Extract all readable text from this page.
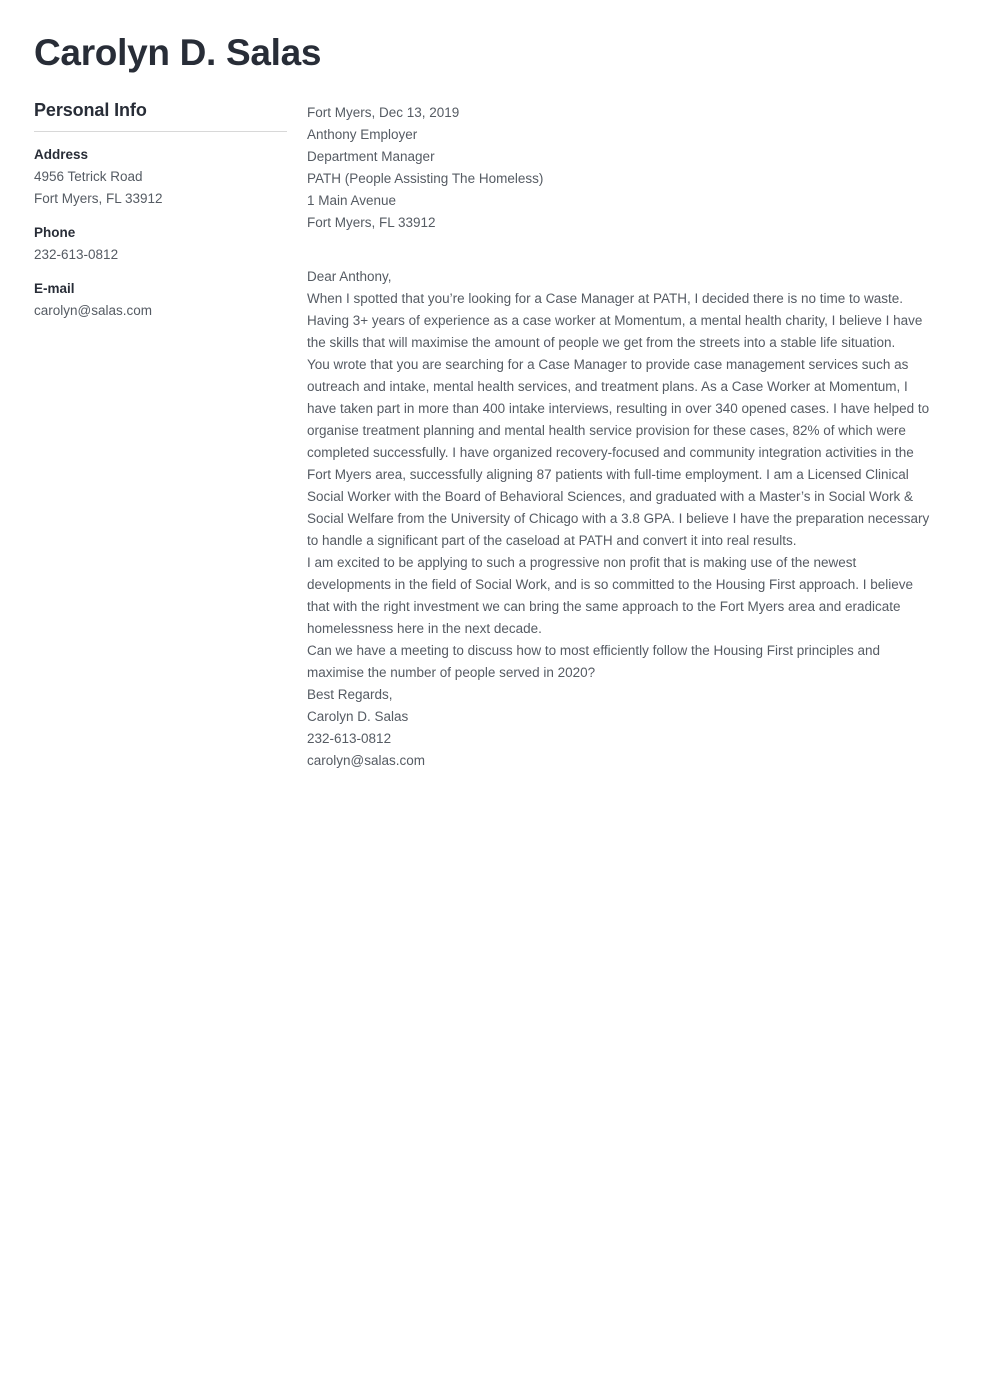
Carolyn D. Salas
Personal Info
Address
4956 Tetrick Road
Fort Myers, FL 33912
Phone
232-613-0812
E-mail
carolyn@salas.com

Fort Myers, Dec 13, 2019

Anthony Employer
Department Manager
PATH (People Assisting The Homeless)
1 Main Avenue
Fort Myers, FL 33912

Dear Anthony,

When I spotted that you’re looking for a Case Manager at PATH, I decided there is no time to waste. Having 3+ years of experience as a case worker at Momentum, a mental health charity, I believe I have the skills that will maximise the amount of people we get from the streets into a stable life situation.

You wrote that you are searching for a Case Manager to provide case management services such as outreach and intake, mental health services, and treatment plans. As a Case Worker at Momentum, I have taken part in more than 400 intake interviews, resulting in over 340 opened cases. I have helped to organise treatment planning and mental health service provision for these cases, 82% of which were completed successfully. I have organized recovery-focused and community integration activities in the Fort Myers area, successfully aligning 87 patients with full-time employment. I am a Licensed Clinical Social Worker with the Board of Behavioral Sciences, and graduated with a Master’s in Social Work & Social Welfare from the University of Chicago with a 3.8 GPA. I believe I have the preparation necessary to handle a significant part of the caseload at PATH and convert it into real results.

I am excited to be applying to such a progressive non profit that is making use of the newest developments in the field of Social Work, and is so committed to the Housing First approach. I believe that with the right investment we can bring the same approach to the Fort Myers area and eradicate homelessness here in the next decade.

Can we have a meeting to discuss how to most efficiently follow the Housing First principles and maximise the number of people served in 2020?

Best Regards,

Carolyn D. Salas
232-613-0812
carolyn@salas.com
